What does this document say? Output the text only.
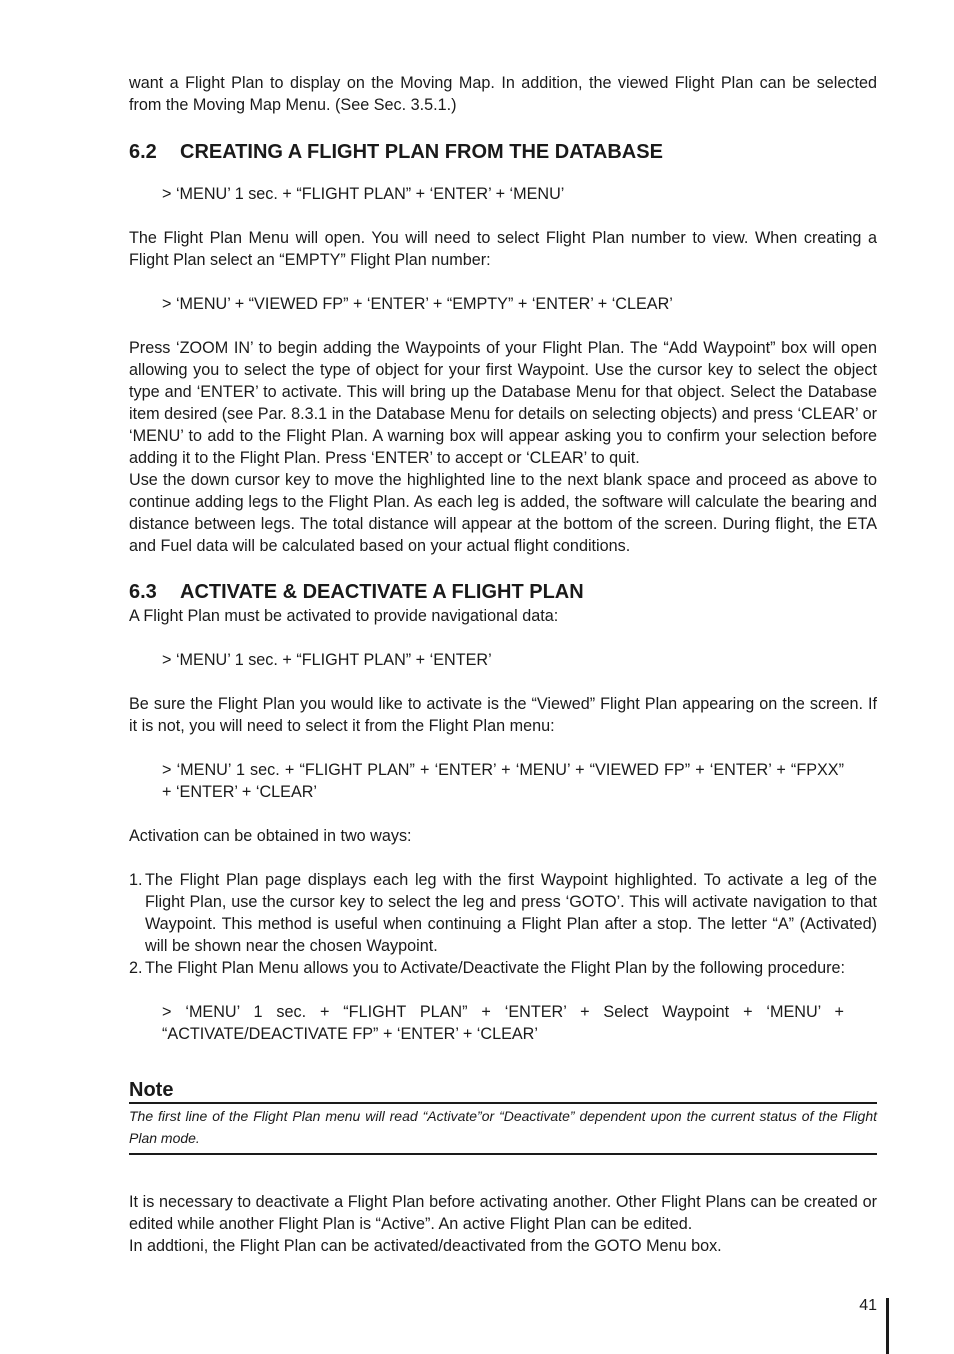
want a Flight Plan to display on the Moving Map. In addition, the viewed Flight Plan can be selected from the Moving Map Menu. (See Sec. 3.5.1.)

6.2	CREATING A FLIGHT PLAN FROM THE DATABASE

> ‘MENU’ 1 sec. + “FLIGHT PLAN” + ‘ENTER’ + ‘MENU’

The Flight Plan Menu will open. You will need to select Flight Plan number to view. When creating a Flight Plan select an “EMPTY” Flight Plan number:

> ‘MENU’ + “VIEWED FP” + ‘ENTER’ + “EMPTY” + ‘ENTER’ + ‘CLEAR’

Press ‘ZOOM IN’ to begin adding the Waypoints of your Flight Plan. The “Add Waypoint” box will open allowing you to select the type of object for your first Waypoint. Use the cursor key to select the object type and ‘ENTER’ to activate. This will bring up the Database Menu for that object. Select the Database item desired (see Par. 8.3.1 in the Database Menu for details on selecting objects) and press ‘CLEAR’ or ‘MENU’ to add to the Flight Plan. A warning box will appear asking you to confirm your selection before adding it to the Flight Plan. Press ‘ENTER’ to accept or ‘CLEAR’ to quit.

Use the down cursor key to move the highlighted line to the next blank space and proceed as above to continue adding legs to the Flight Plan. As each leg is added, the software will calculate the bearing and distance between legs. The total distance will appear at the bottom of the screen. During flight, the ETA and Fuel data will be calculated based on your actual flight conditions.

6.3	ACTIVATE & DEACTIVATE A FLIGHT PLAN

A Flight Plan must be activated to provide navigational data:

> ‘MENU’ 1 sec. + “FLIGHT PLAN” + ‘ENTER’

Be sure the Flight Plan you would like to activate is the “Viewed” Flight Plan appearing on the screen. If it is not, you will need to select it from the Flight Plan menu:

> ‘MENU’ 1 sec. + “FLIGHT PLAN” + ‘ENTER’ + ‘MENU’ + “VIEWED FP” + ‘ENTER’ + “FPXX” + ‘ENTER’ + ‘CLEAR’

Activation can be obtained in two ways:

1. The Flight Plan page displays each leg with the first Waypoint highlighted. To activate a leg of the Flight Plan, use the cursor key to select the leg and press ‘GOTO’. This will activate navigation to that Waypoint. This method is useful when continuing a Flight Plan after a stop. The letter “A” (Activated) will be shown near the chosen Waypoint.
2. The Flight Plan Menu allows you to Activate/Deactivate the Flight Plan by the following procedure:

> ‘MENU’ 1 sec. + “FLIGHT PLAN” + ‘ENTER’ + Select Waypoint + ‘MENU’ + “ACTIVATE/DEACTIVATE FP” + ‘ENTER’ + ‘CLEAR’

Note

The first line of the Flight Plan menu will read “Activate”or “Deactivate” dependent upon the current status of the Flight Plan mode.

It is necessary to deactivate a Flight Plan before activating another. Other Flight Plans can be created or edited while another Flight Plan is “Active”. An active Flight Plan can be edited.

In addtioni, the Flight Plan can be activated/deactivated from the GOTO Menu box.

41
